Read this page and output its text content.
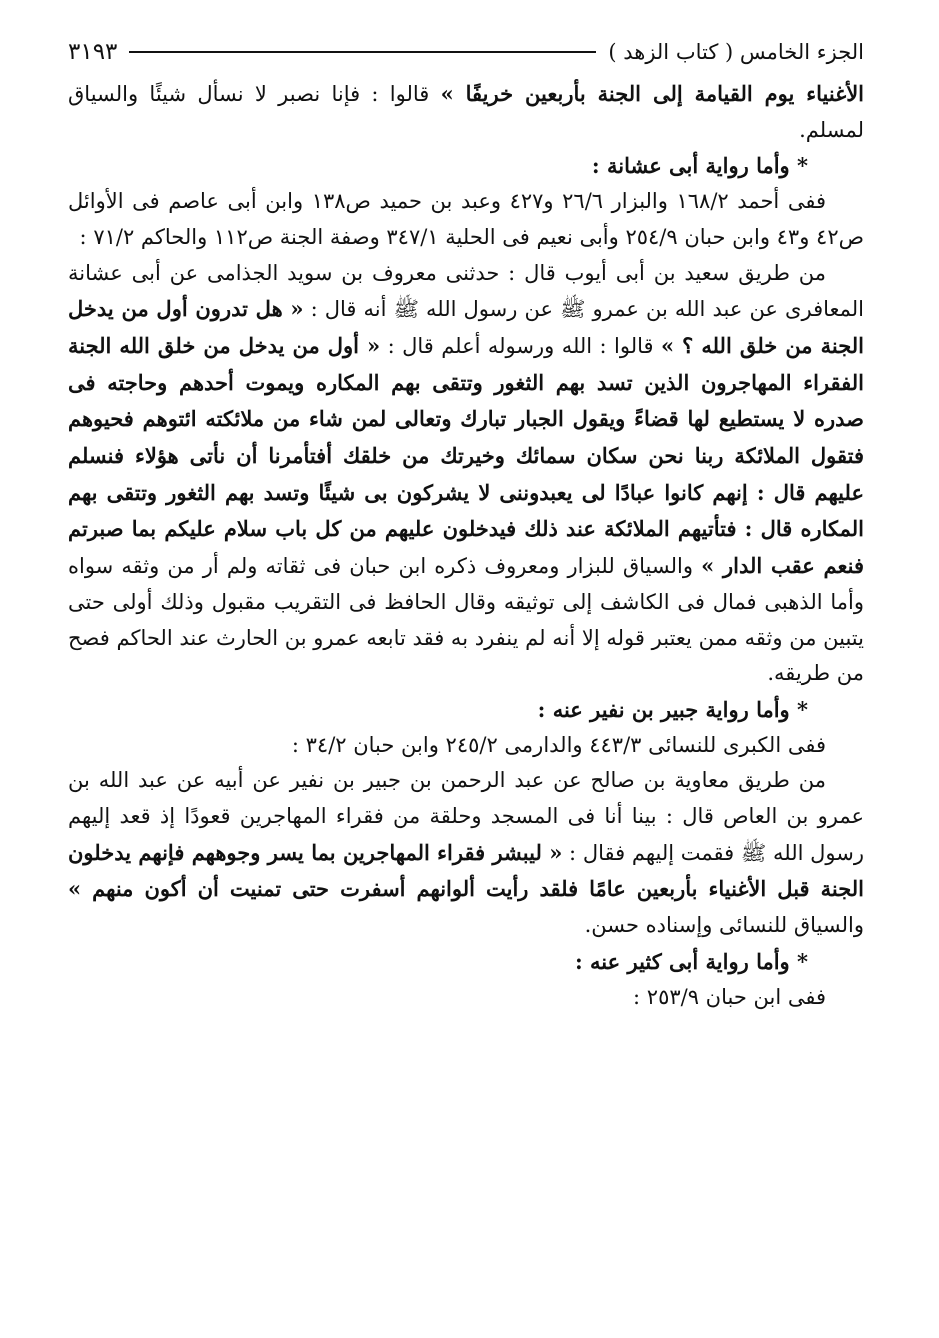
الجزء الخامس ( كتاب الزهد )
٣١٩٣

الأغنياء يوم القيامة إلى الجنة بأربعين خريفًا » قالوا : فإنا نصبر لا نسأل شيئًا والسياق لمسلم.

* وأما رواية أبى عشانة :

ففى أحمد ١٦٨/٢ والبزار ٢٦/٦ و٤٢٧ وعبد بن حميد ص١٣٨ وابن أبى عاصم فى الأوائل ص٤٢ و٤٣ وابن حبان ٢٥٤/٩ وأبى نعيم فى الحلية ٣٤٧/١ وصفة الجنة ص١١٢ والحاكم ٧١/٢ :

من طريق سعيد بن أبى أيوب قال : حدثنى معروف بن سويد الجذامى عن أبى عشانة المعافرى عن عبد الله بن عمرو ﷺ عن رسول الله ﷺ أنه قال : « هل تدرون أول من يدخل الجنة من خلق الله ؟ » قالوا : الله ورسوله أعلم قال : « أول من يدخل من خلق الله الجنة الفقراء المهاجرون الذين تسد بهم الثغور وتتقى بهم المكاره ويموت أحدهم وحاجته فى صدره لا يستطيع لها قضاءً ويقول الجبار تبارك وتعالى لمن شاء من ملائكته ائتوهم فحيوهم فتقول الملائكة ربنا نحن سكان سمائك وخيرتك من خلقك أفتأمرنا أن نأتى هؤلاء فنسلم عليهم قال : إنهم كانوا عبادًا لى يعبدوننى لا يشركون بى شيئًا وتسد بهم الثغور وتتقى بهم المكاره قال : فتأتيهم الملائكة عند ذلك فيدخلون عليهم من كل باب سلام عليكم بما صبرتم فنعم عقب الدار » والسياق للبزار ومعروف ذكره ابن حبان فى ثقاته ولم أر من وثقه سواه وأما الذهبى فمال فى الكاشف إلى توثيقه وقال الحافظ فى التقريب مقبول وذلك أولى حتى يتبين من وثقه ممن يعتبر قوله إلا أنه لم ينفرد به فقد تابعه عمرو بن الحارث عند الحاكم فصح من طريقه.

* وأما رواية جبير بن نفير عنه :

ففى الكبرى للنسائى ٤٤٣/٣ والدارمى ٢٤٥/٢ وابن حبان ٣٤/٢ :

من طريق معاوية بن صالح عن عبد الرحمن بن جبير بن نفير عن أبيه عن عبد الله بن عمرو بن العاص قال : بينا أنا فى المسجد وحلقة من فقراء المهاجرين قعودًا إذ قعد إليهم رسول الله ﷺ فقمت إليهم فقال : « ليبشر فقراء المهاجرين بما يسر وجوههم فإنهم يدخلون الجنة قبل الأغنياء بأربعين عامًا فلقد رأيت ألوانهم أسفرت حتى تمنيت أن أكون منهم » والسياق للنسائى وإسناده حسن.

* وأما رواية أبى كثير عنه :

ففى ابن حبان ٢٥٣/٩ :
